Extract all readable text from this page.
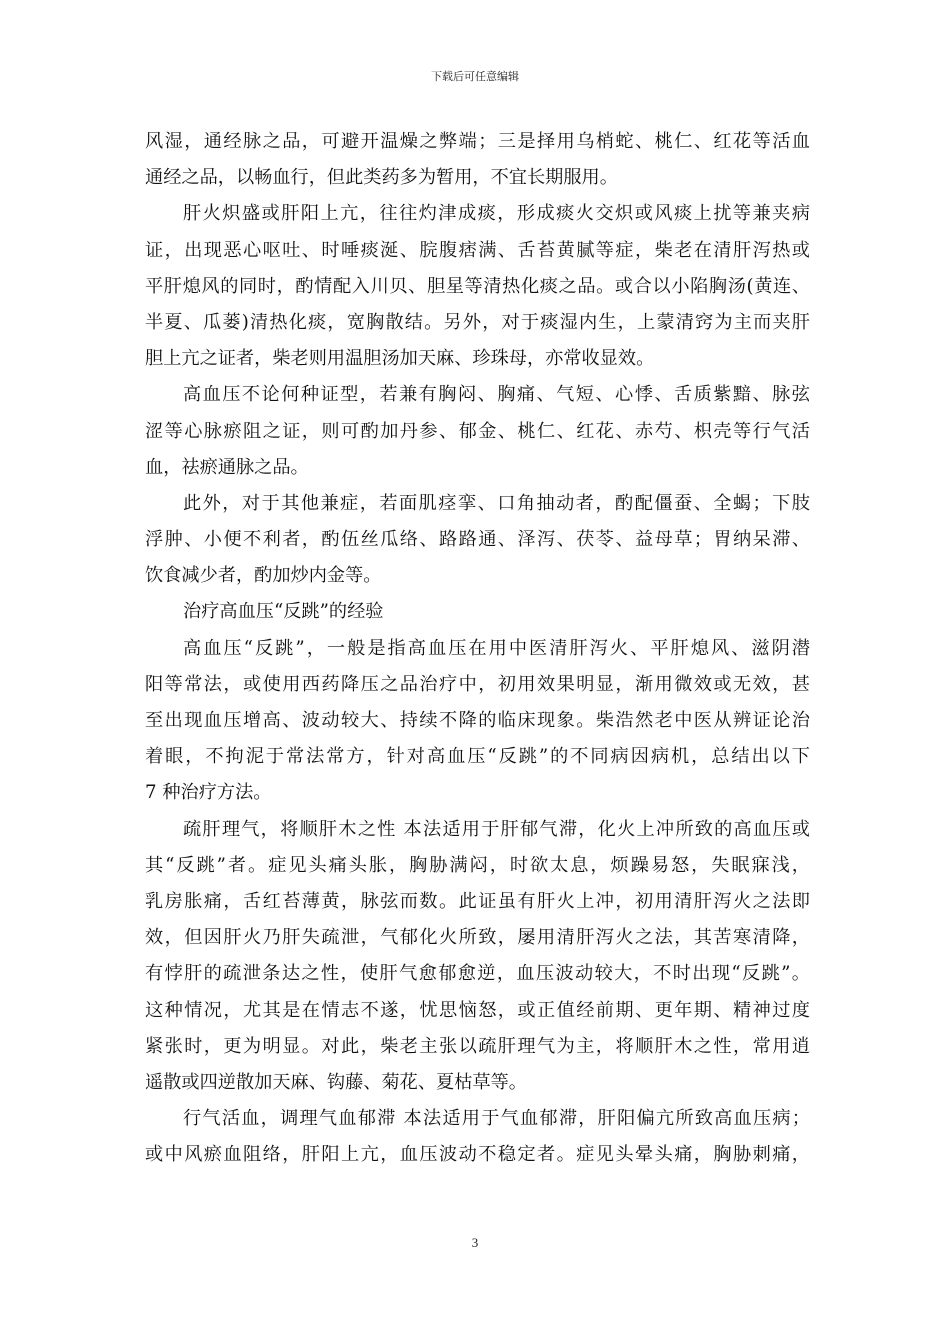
下载后可任意编辑
风湿，通经脉之品，可避开温燥之弊端；三是择用乌梢蛇、桃仁、红花等活血
通经之品，以畅血行，但此类药多为暂用，不宜长期服用。
肝火炽盛或肝阳上亢，往往灼津成痰，形成痰火交炽或风痰上扰等兼夹病
证，出现恶心呕吐、时唾痰涎、脘腹痞满、舌苔黄腻等症，柴老在清肝泻热或
平肝熄风的同时，酌情配入川贝、胆星等清热化痰之品。或合以小陷胸汤(黄连、
半夏、瓜蒌)清热化痰，宽胸散结。另外，对于痰湿内生，上蒙清窍为主而夹肝
胆上亢之证者，柴老则用温胆汤加天麻、珍珠母，亦常收显效。
高血压不论何种证型，若兼有胸闷、胸痛、气短、心悸、舌质紫黯、脉弦
涩等心脉瘀阻之证，则可酌加丹参、郁金、桃仁、红花、赤芍、枳壳等行气活
血，祛瘀通脉之品。
此外，对于其他兼症，若面肌痉挛、口角抽动者，酌配僵蚕、全蝎；下肢
浮肿、小便不利者，酌伍丝瓜络、路路通、泽泻、茯苓、益母草；胃纳呆滞、
饮食减少者，酌加炒内金等。
治疗高血压“反跳”的经验
高血压“反跳”，一般是指高血压在用中医清肝泻火、平肝熄风、滋阴潜
阳等常法，或使用西药降压之品治疗中，初用效果明显，渐用微效或无效，甚
至出现血压增高、波动较大、持续不降的临床现象。柴浩然老中医从辨证论治
着眼，不拘泥于常法常方，针对高血压“反跳”的不同病因病机，总结出以下
7 种治疗方法。
疏肝理气，将顺肝木之性 本法适用于肝郁气滞，化火上冲所致的高血压或
其“反跳”者。症见头痛头胀，胸胁满闷，时欲太息，烦躁易怒，失眠寐浅，
乳房胀痛，舌红苔薄黄，脉弦而数。此证虽有肝火上冲，初用清肝泻火之法即
效，但因肝火乃肝失疏泄，气郁化火所致，屡用清肝泻火之法，其苦寒清降，
有悖肝的疏泄条达之性，使肝气愈郁愈逆，血压波动较大，不时出现“反跳”。
这种情况，尤其是在情志不遂，忧思恼怒，或正值经前期、更年期、精神过度
紧张时，更为明显。对此，柴老主张以疏肝理气为主，将顺肝木之性，常用逍
遥散或四逆散加天麻、钩藤、菊花、夏枯草等。
行气活血，调理气血郁滞 本法适用于气血郁滞，肝阳偏亢所致高血压病；
或中风瘀血阻络，肝阳上亢，血压波动不稳定者。症见头晕头痛，胸胁刺痛，
3
